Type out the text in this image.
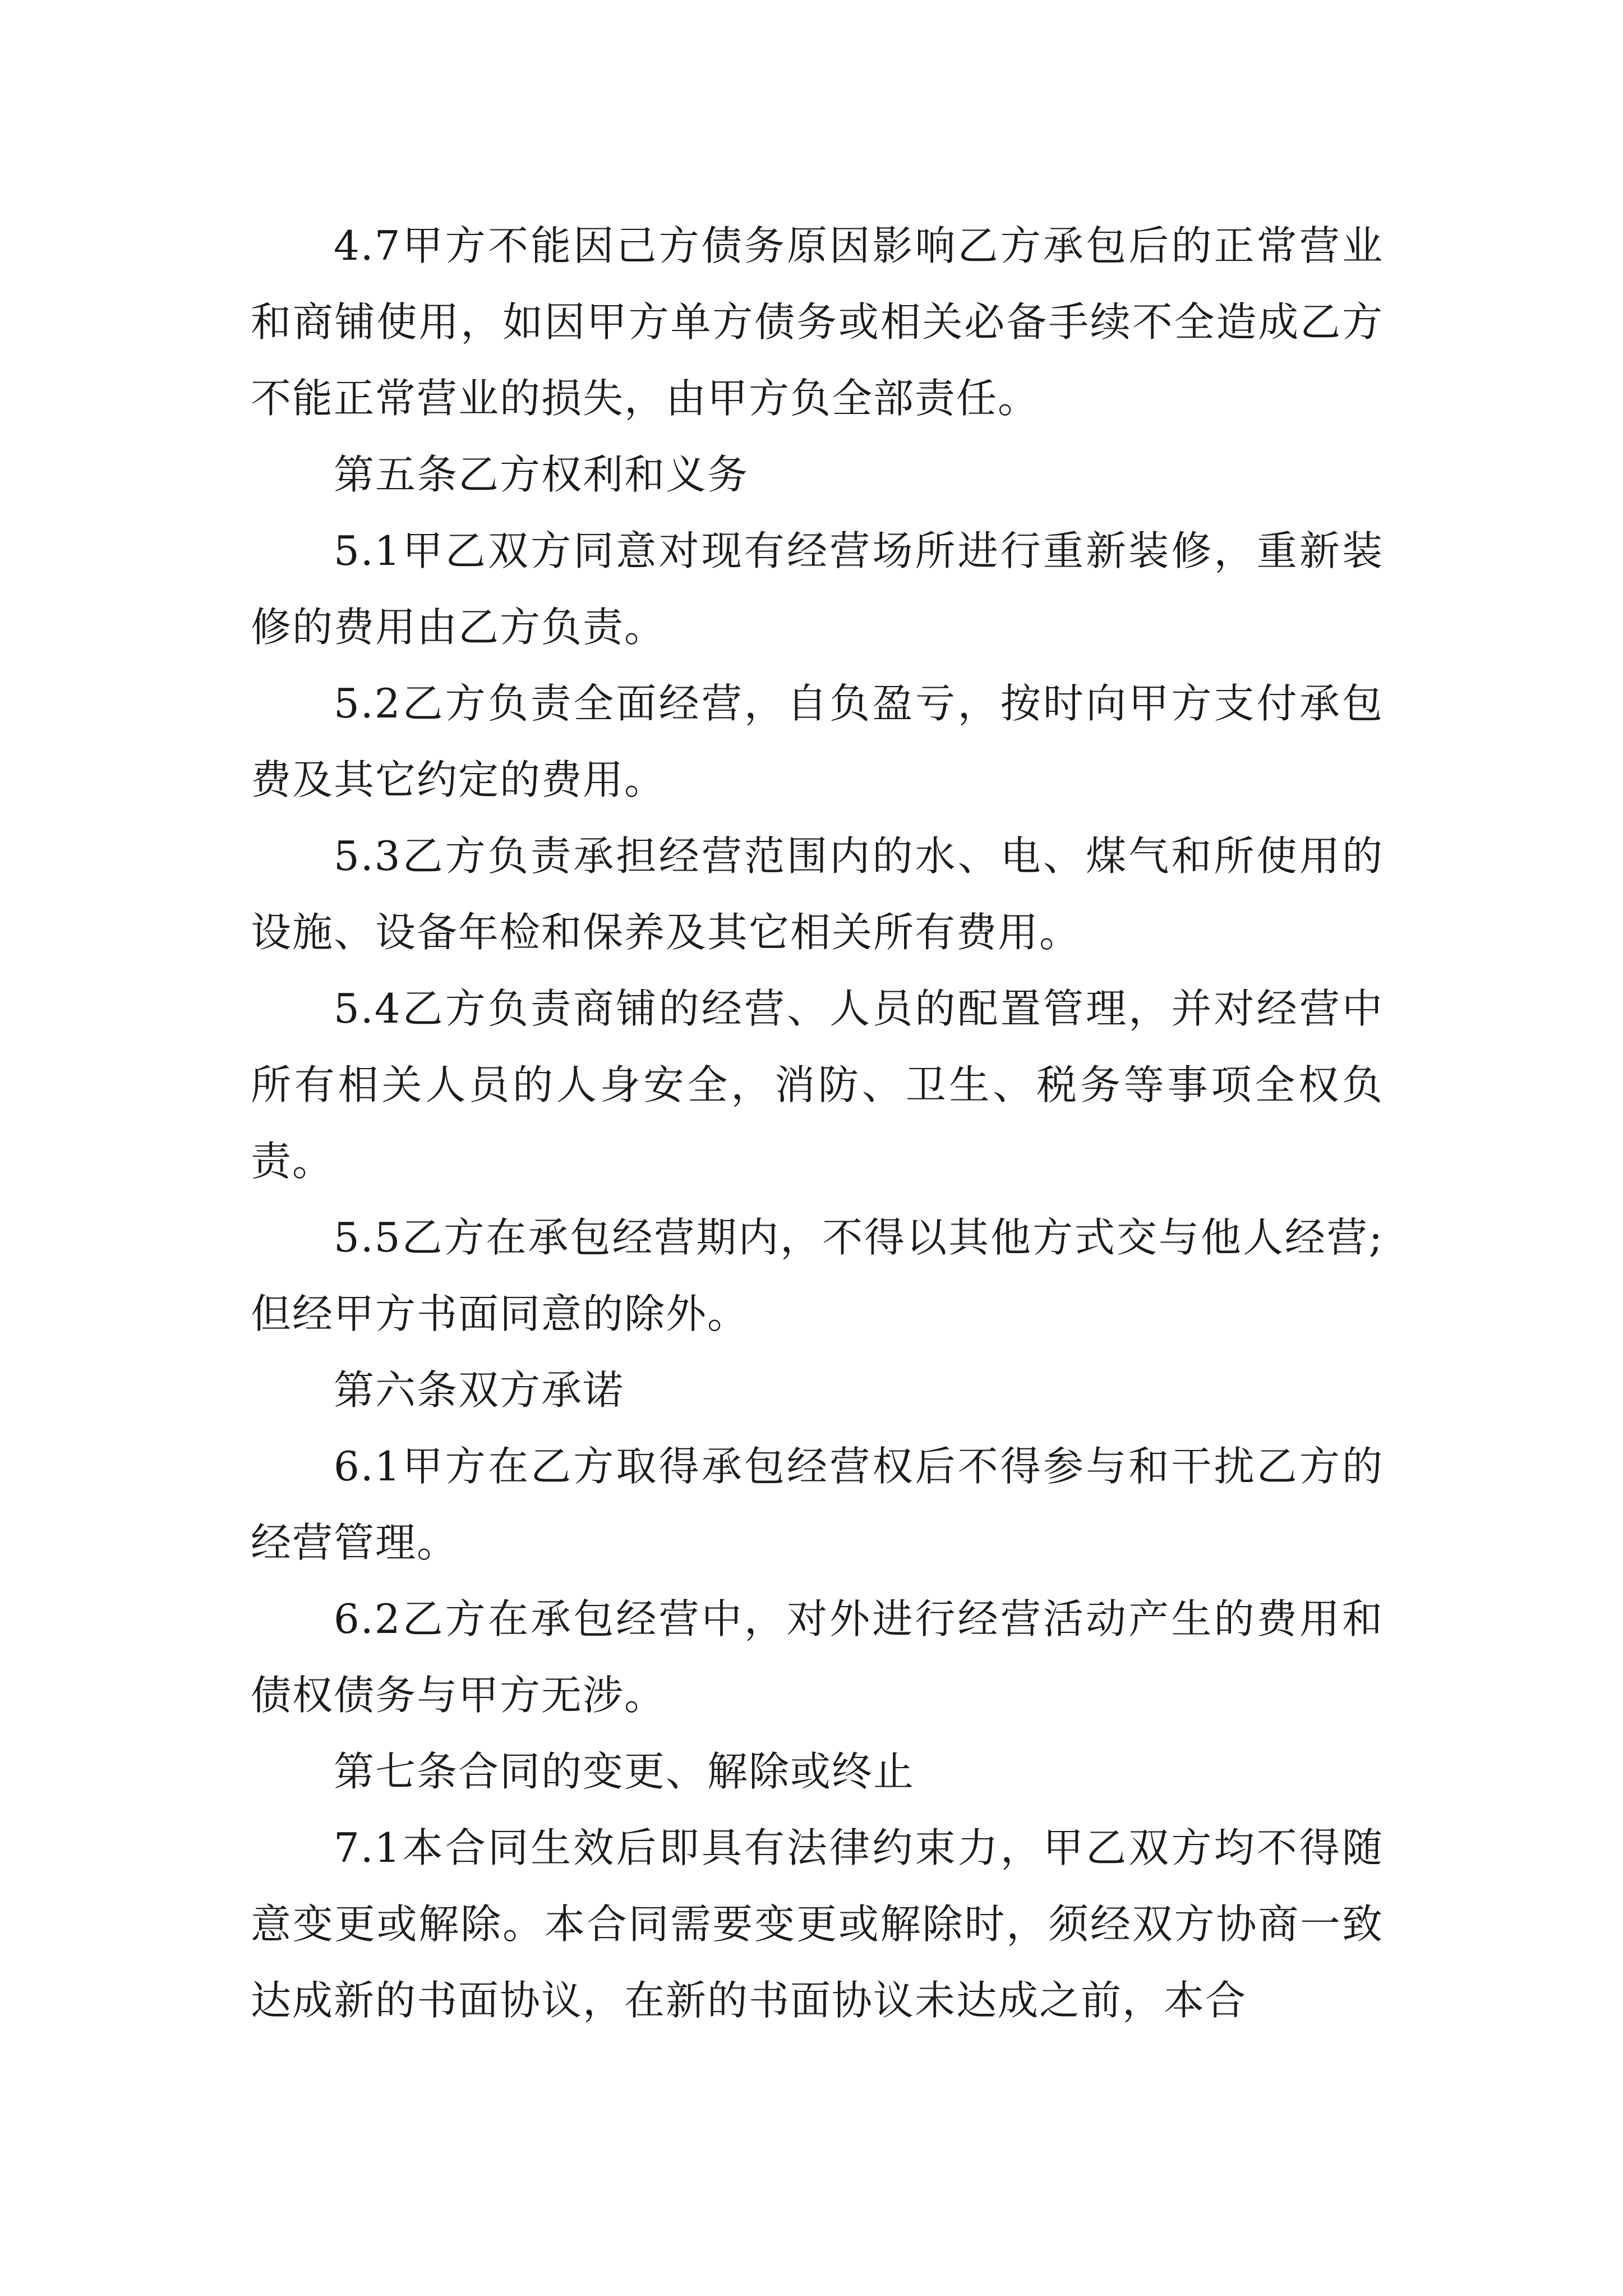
4.7甲方不能因己方债务原因影响乙方承包后的正常营业和商铺使用，如因甲方单方债务或相关必备手续不全造成乙方不能正常营业的损失，由甲方负全部责任。

第五条乙方权利和义务

5.1甲乙双方同意对现有经营场所进行重新装修，重新装修的费用由乙方负责。

5.2乙方负责全面经营，自负盈亏，按时向甲方支付承包费及其它约定的费用。

5.3乙方负责承担经营范围内的水、电、煤气和所使用的设施、设备年检和保养及其它相关所有费用。

5.4乙方负责商铺的经营、人员的配置管理，并对经营中所有相关人员的人身安全，消防、卫生、税务等事项全权负责。

5.5乙方在承包经营期内，不得以其他方式交与他人经营;但经甲方书面同意的除外。

第六条双方承诺

6.1甲方在乙方取得承包经营权后不得参与和干扰乙方的经营管理。

6.2乙方在承包经营中，对外进行经营活动产生的费用和债权债务与甲方无涉。

第七条合同的变更、解除或终止

7.1本合同生效后即具有法律约束力，甲乙双方均不得随意变更或解除。本合同需要变更或解除时，须经双方协商一致达成新的书面协议，在新的书面协议未达成之前，本合
